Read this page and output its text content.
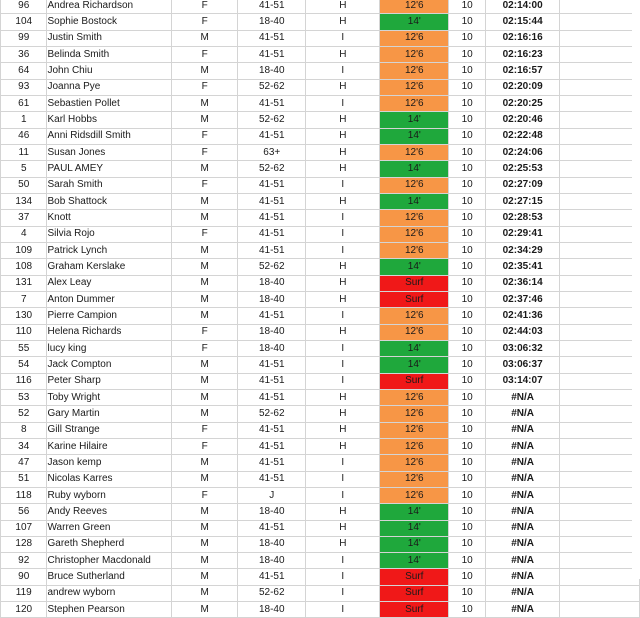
96	Andrea Richardson	F	41-51	H	12'6	10	02:14:00	
104	Sophie Bostock	F	18-40	H	14'	10	02:15:44	
99	Justin Smith	M	41-51	I	12'6	10	02:16:16	
36	Belinda Smith	F	41-51	H	12'6	10	02:16:23	
64	John Chiu	M	18-40	I	12'6	10	02:16:57	
93	Joanna Pye	F	52-62	H	12'6	10	02:20:09	
61	Sebastien Pollet	M	41-51	I	12'6	10	02:20:25	
1	Karl Hobbs	M	52-62	H	14'	10	02:20:46	
46	Anni Ridsdill Smith	F	41-51	H	14'	10	02:22:48	
11	Susan Jones	F	63+	H	12'6	10	02:24:06	
5	PAUL AMEY	M	52-62	H	14'	10	02:25:53	
50	Sarah Smith	F	41-51	I	12'6	10	02:27:09	
134	Bob Shattock	M	41-51	H	14'	10	02:27:15	
37	Knott	M	41-51	I	12'6	10	02:28:53	
4	Silvia Rojo	F	41-51	I	12'6	10	02:29:41	
109	Patrick Lynch	M	41-51	I	12'6	10	02:34:29	
108	Graham Kerslake	M	52-62	H	14'	10	02:35:41	
131	Alex Leay	M	18-40	H	Surf	10	02:36:14	
7	Anton Dummer	M	18-40	H	Surf	10	02:37:46	
130	Pierre Campion	M	41-51	I	12'6	10	02:41:36	
110	Helena Richards	F	18-40	H	12'6	10	02:44:03	
55	lucy king	F	18-40	I	14'	10	03:06:32	
54	Jack Compton	M	41-51	I	14'	10	03:06:37	
116	Peter Sharp	M	41-51	I	Surf	10	03:14:07	
53	Toby Wright	M	41-51	H	12'6	10	#N/A	
52	Gary Martin	M	52-62	H	12'6	10	#N/A	
8	Gill Strange	F	41-51	H	12'6	10	#N/A	
34	Karine Hilaire	F	41-51	H	12'6	10	#N/A	
47	Jason kemp	M	41-51	I	12'6	10	#N/A	
51	Nicolas Karres	M	41-51	I	12'6	10	#N/A	
118	Ruby wyborn	F	J	I	12'6	10	#N/A	
56	Andy Reeves	M	18-40	H	14'	10	#N/A	
107	Warren Green	M	41-51	H	14'	10	#N/A	
128	Gareth Shepherd	M	18-40	H	14'	10	#N/A	
92	Christopher Macdonald	M	18-40	I	14'	10	#N/A	
90	Bruce Sutherland	M	41-51	I	Surf	10	#N/A	
119	andrew wyborn	M	52-62	I	Surf	10	#N/A	
120	Stephen Pearson	M	18-40	I	Surf	10	#N/A	
